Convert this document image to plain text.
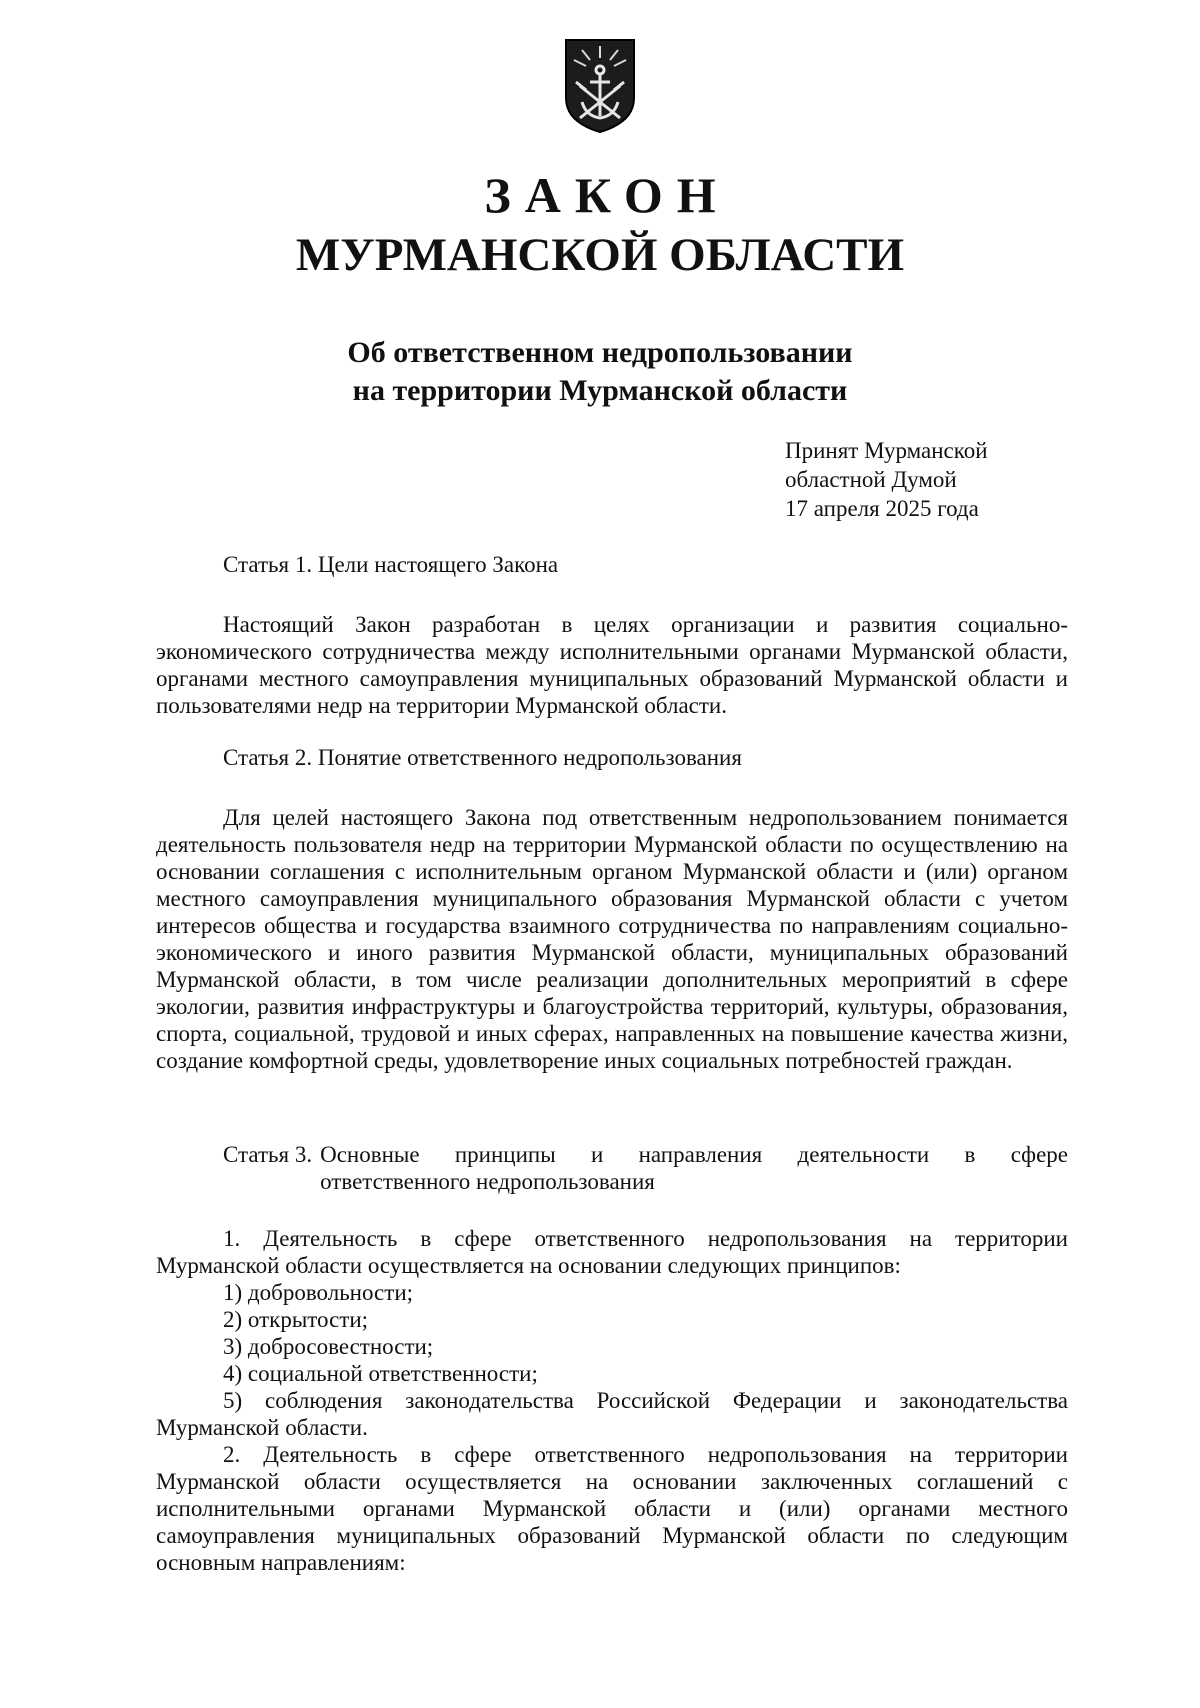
ЗАКОН
МУРМАНСКОЙ ОБЛАСТИ
Об ответственном недропользовании
на территории Мурманской области
Принят Мурманской
областной Думой
17 апреля 2025 года
Статья 1. Цели настоящего Закона

Настоящий Закон разработан в целях организации и развития социально-экономического сотрудничества между исполнительными органами Мурманской области, органами местного самоуправления муниципальных образований Мурманской области и пользователями недр на территории Мурманской области.

Статья 2. Понятие ответственного недропользования

Для целей настоящего Закона под ответственным недропользованием понимается деятельность пользователя недр на территории Мурманской области по осуществлению на основании соглашения с исполнительным органом Мурманской области и (или) органом местного самоуправления муниципального образования Мурманской области с учетом интересов общества и государства взаимного сотрудничества по направлениям социально-экономического и иного развития Мурманской области, муниципальных образований Мурманской области, в том числе реализации дополнительных мероприятий в сфере экологии, развития инфраструктуры и благоустройства территорий, культуры, образования, спорта, социальной, трудовой и иных сферах, направленных на повышение качества жизни, создание комфортной среды, удовлетворение иных социальных потребностей граждан.

Статья 3. Основные принципы и направления деятельности в сфере
ответственного недропользования

1. Деятельность в сфере ответственного недропользования на территории Мурманской области осуществляется на основании следующих принципов:

1) добровольности;

2) открытости;

3) добросовестности;

4) социальной ответственности;

5) соблюдения законодательства Российской Федерации и законодательства Мурманской области.

2. Деятельность в сфере ответственного недропользования на территории Мурманской области осуществляется на основании заключенных соглашений с исполнительными органами Мурманской области и (или) органами местного самоуправления муниципальных образований Мурманской области по следующим основным направлениям:
